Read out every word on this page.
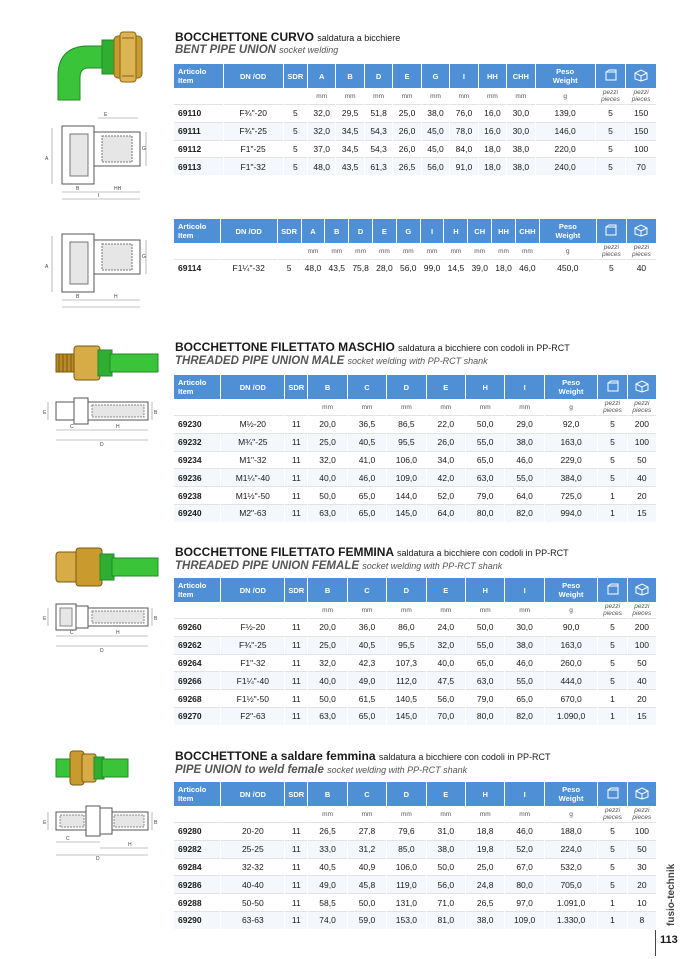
BOCCHETTONE CURVO saldatura a bicchiere
BENT PIPE UNION socket welding
A
E
G
B	HH
I
Articolo
Item	DN /OD	SDR	A	B	D	E	G	I	HH	CHH	Peso
Weight		
			mm	mm	mm	mm	mm	mm	mm	mm	g	pezzi
pieces	pezzi
pieces
69110	F¾"-20	5	32,0	29,5	51,8	25,0	38,0	76,0	16,0	30,0	139,0	5	150
69111	F¾"-25	5	32,0	34,5	54,3	26,0	45,0	78,0	16,0	30,0	146,0	5	150
69112	F1"-25	5	37,0	34,5	54,3	26,0	45,0	84,0	18,0	38,0	220,0	5	100
69113	F1"-32	5	48,0	43,5	61,3	26,5	56,0	91,0	18,0	38,0	240,0	5	70
Articolo
Item	DN /OD	SDR	A	B	D	E	G	I	H	CH	HH	CHH	Peso
Weight		
			mm	mm	mm	mm	mm	mm	mm	mm	mm	mm	g	pezzi
pieces	pezzi
pieces
69114	F1¼"-32	5	48,0	43,5	75,8	28,0	56,0	99,0	14,5	39,0	18,0	46,0	450,0	5	40
A
G
B	H
BOCCHETTONE FILETTATO MASCHIO saldatura a bicchiere con codoli in PP-RCT
THREADED PIPE UNION MALE socket welding with PP-RCT shank
E	B
C	H
D
Articolo
Item	DN /OD	SDR	B	C	D	E	H	I	Peso
Weight		
			mm	mm	mm	mm	mm	mm	g	pezzi
pieces	pezzi
pieces
69230	M½-20	11	20,0	36,5	86,5	22,0	50,0	29,0	92,0	5	200
69232	M¾"-25	11	25,0	40,5	95,5	26,0	55,0	38,0	163,0	5	100
69234	M1"-32	11	32,0	41,0	106,0	34,0	65,0	46,0	229,0	5	50
69236	M1¼"-40	11	40,0	46,0	109,0	42,0	63,0	55,0	384,0	5	40
69238	M1½"-50	11	50,0	65,0	144,0	52,0	79,0	64,0	725,0	1	20
69240	M2"-63	11	63,0	65,0	145,0	64,0	80,0	82,0	994,0	1	15
BOCCHETTONE FILETTATO FEMMINA saldatura a bicchiere con codoli in PP-RCT
THREADED PIPE UNION FEMALE socket welding with PP-RCT shank
E	B
C	H
D
Articolo
Item	DN /OD	SDR	B	C	D	E	H	I	Peso
Weight		
			mm	mm	mm	mm	mm	mm	g	pezzi
pieces	pezzi
pieces
69260	F½-20	11	20,0	36,0	86,0	24,0	50,0	30,0	90,0	5	200
69262	F¾"-25	11	25,0	40,5	95,5	32,0	55,0	38,0	163,0	5	100
69264	F1"-32	11	32,0	42,3	107,3	40,0	65,0	46,0	260,0	5	50
69266	F1¼"-40	11	40,0	49,0	112,0	47,5	63,0	55,0	444,0	5	40
69268	F1½"-50	11	50,0	61,5	140,5	56,0	79,0	65,0	670,0	1	20
69270	F2"-63	11	63,0	65,0	145,0	70,0	80,0	82,0	1.090,0	1	15
BOCCHETTONE a saldare femmina saldatura a bicchiere con codoli in PP-RCT
PIPE UNION to weld female socket welding with PP-RCT shank
E	B
C
H
D
Articolo
Item	DN /OD	SDR	B	C	D	E	H	I	Peso
Weight		
			mm	mm	mm	mm	mm	mm	g	pezzi
pieces	pezzi
pieces
69280	20-20	11	26,5	27,8	79,6	31,0	18,8	46,0	188,0	5	100
69282	25-25	11	33,0	31,2	85,0	38,0	19,8	52,0	224,0	5	50
69284	32-32	11	40,5	40,9	106,0	50,0	25,0	67,0	532,0	5	30
69286	40-40	11	49,0	45,8	119,0	56,0	24,8	80,0	705,0	5	20
69288	50-50	11	58,5	50,0	131,0	71,0	26,5	97,0	1.091,0	1	10
69290	63-63	11	74,0	59,0	153,0	81,0	38,0	109,0	1.330,0	1	8 fusio-technik
113
